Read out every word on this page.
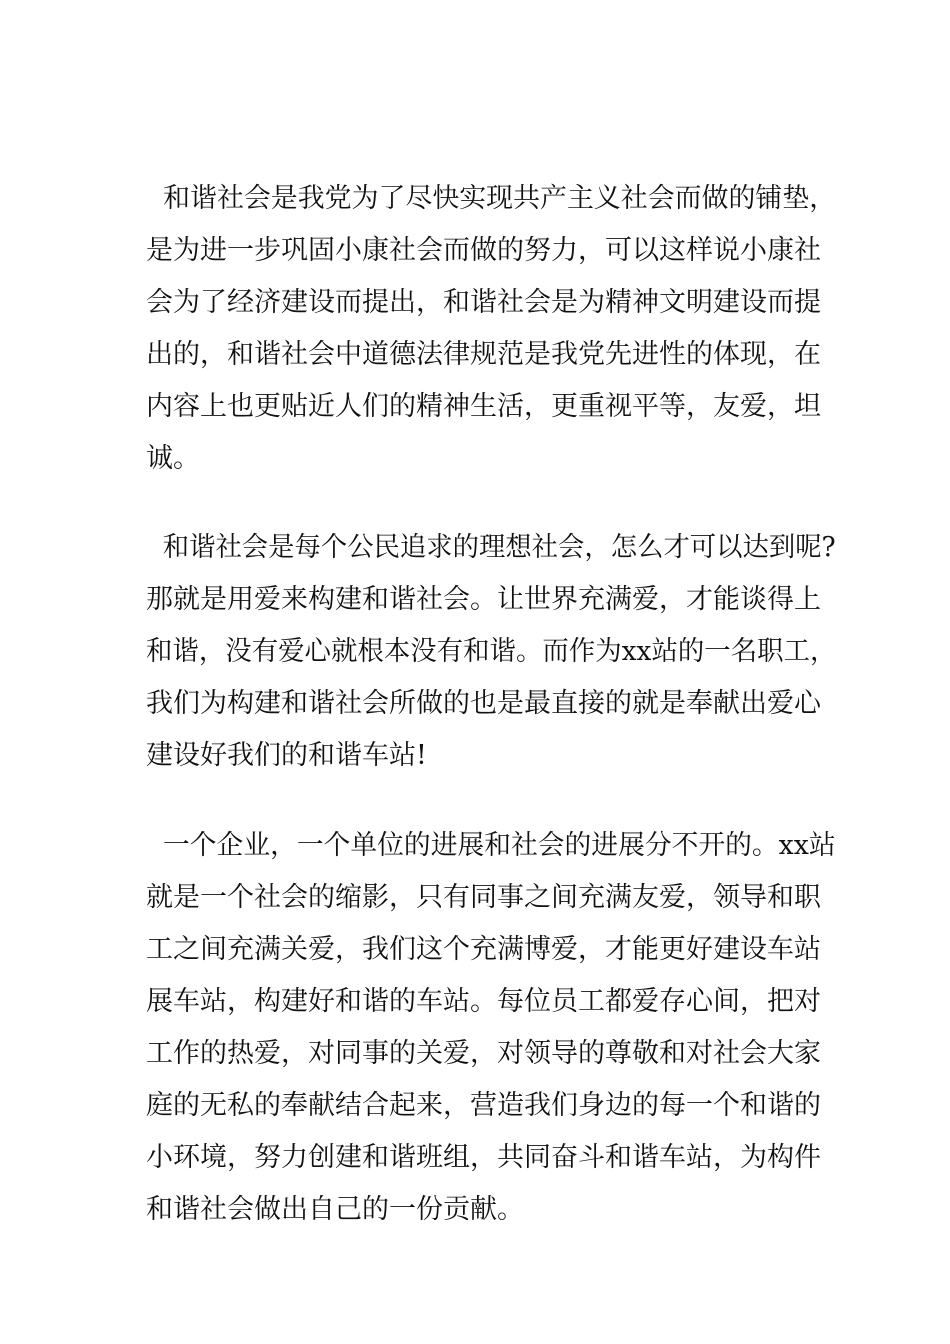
和谐社会是我党为了尽快实现共产主义社会而做的铺垫，
是为进一步巩固小康社会而做的努力，可以这样说小康社
会为了经济建设而提出，和谐社会是为精神文明建设而提
出的，和谐社会中道德法律规范是我党先进性的体现，在
内容上也更贴近人们的精神生活，更重视平等，友爱，坦
诚。
和谐社会是每个公民追求的理想社会，怎么才可以达到呢?
那就是用爱来构建和谐社会。让世界充满爱，才能谈得上
和谐，没有爱心就根本没有和谐。而作为xx站的一名职工，
我们为构建和谐社会所做的也是最直接的就是奉献出爱心
建设好我们的和谐车站!
一个企业，一个单位的进展和社会的进展分不开的。xx站
就是一个社会的缩影，只有同事之间充满友爱，领导和职
工之间充满关爱，我们这个充满博爱，才能更好建设车站
展车站，构建好和谐的车站。每位员工都爱存心间，把对
工作的热爱，对同事的关爱，对领导的尊敬和对社会大家
庭的无私的奉献结合起来，营造我们身边的每一个和谐的
小环境，努力创建和谐班组，共同奋斗和谐车站，为构件
和谐社会做出自己的一份贡献。
